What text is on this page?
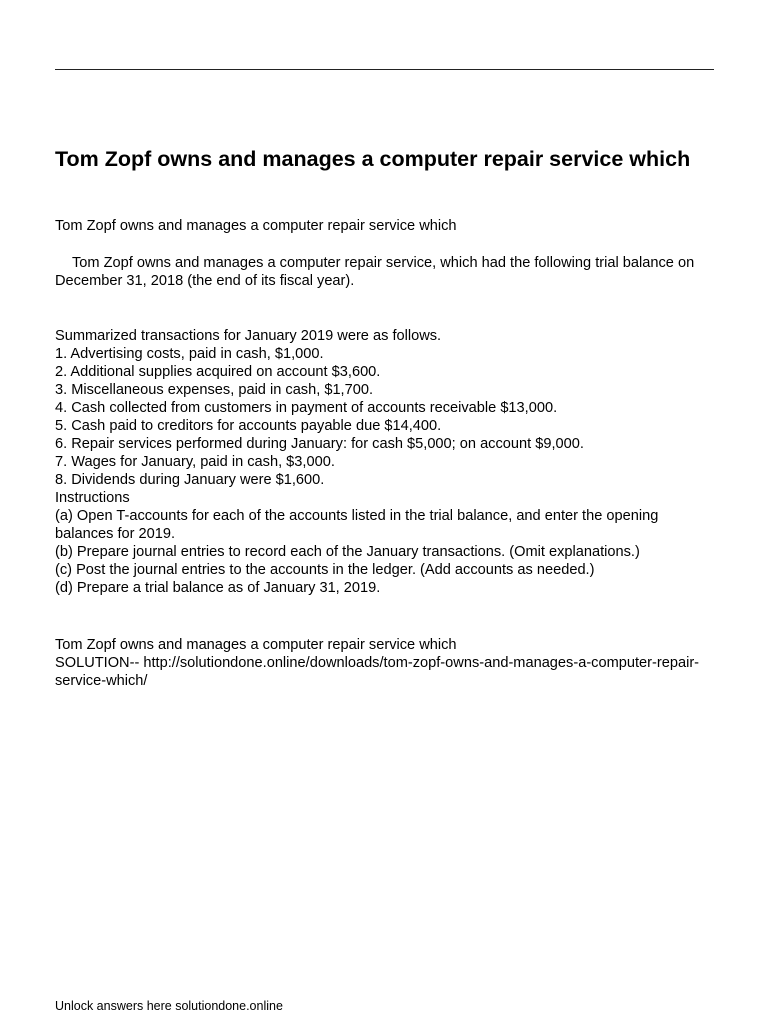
Tom Zopf owns and manages a computer repair service which

Tom Zopf owns and manages a computer repair service which

Tom Zopf owns and manages a computer repair service, which had the following trial balance on December 31, 2018 (the end of its fiscal year).

Summarized transactions for January 2019 were as follows.
1. Advertising costs, paid in cash, $1,000.
2. Additional supplies acquired on account $3,600.
3. Miscellaneous expenses, paid in cash, $1,700.
4. Cash collected from customers in payment of accounts receivable $13,000.
5. Cash paid to creditors for accounts payable due $14,400.
6. Repair services performed during January: for cash $5,000; on account $9,000.
7. Wages for January, paid in cash, $3,000.
8. Dividends during January were $1,600.
Instructions
(a) Open T-accounts for each of the accounts listed in the trial balance, and enter the opening balances for 2019.
(b) Prepare journal entries to record each of the January transactions. (Omit explanations.)
(c) Post the journal entries to the accounts in the ledger. (Add accounts as needed.)
(d) Prepare a trial balance as of January 31, 2019.
Tom Zopf owns and manages a computer repair service which
SOLUTION-- http://solutiondone.online/downloads/tom-zopf-owns-and-manages-a-computer-repair-service-which/

Unlock answers here solutiondone.online
